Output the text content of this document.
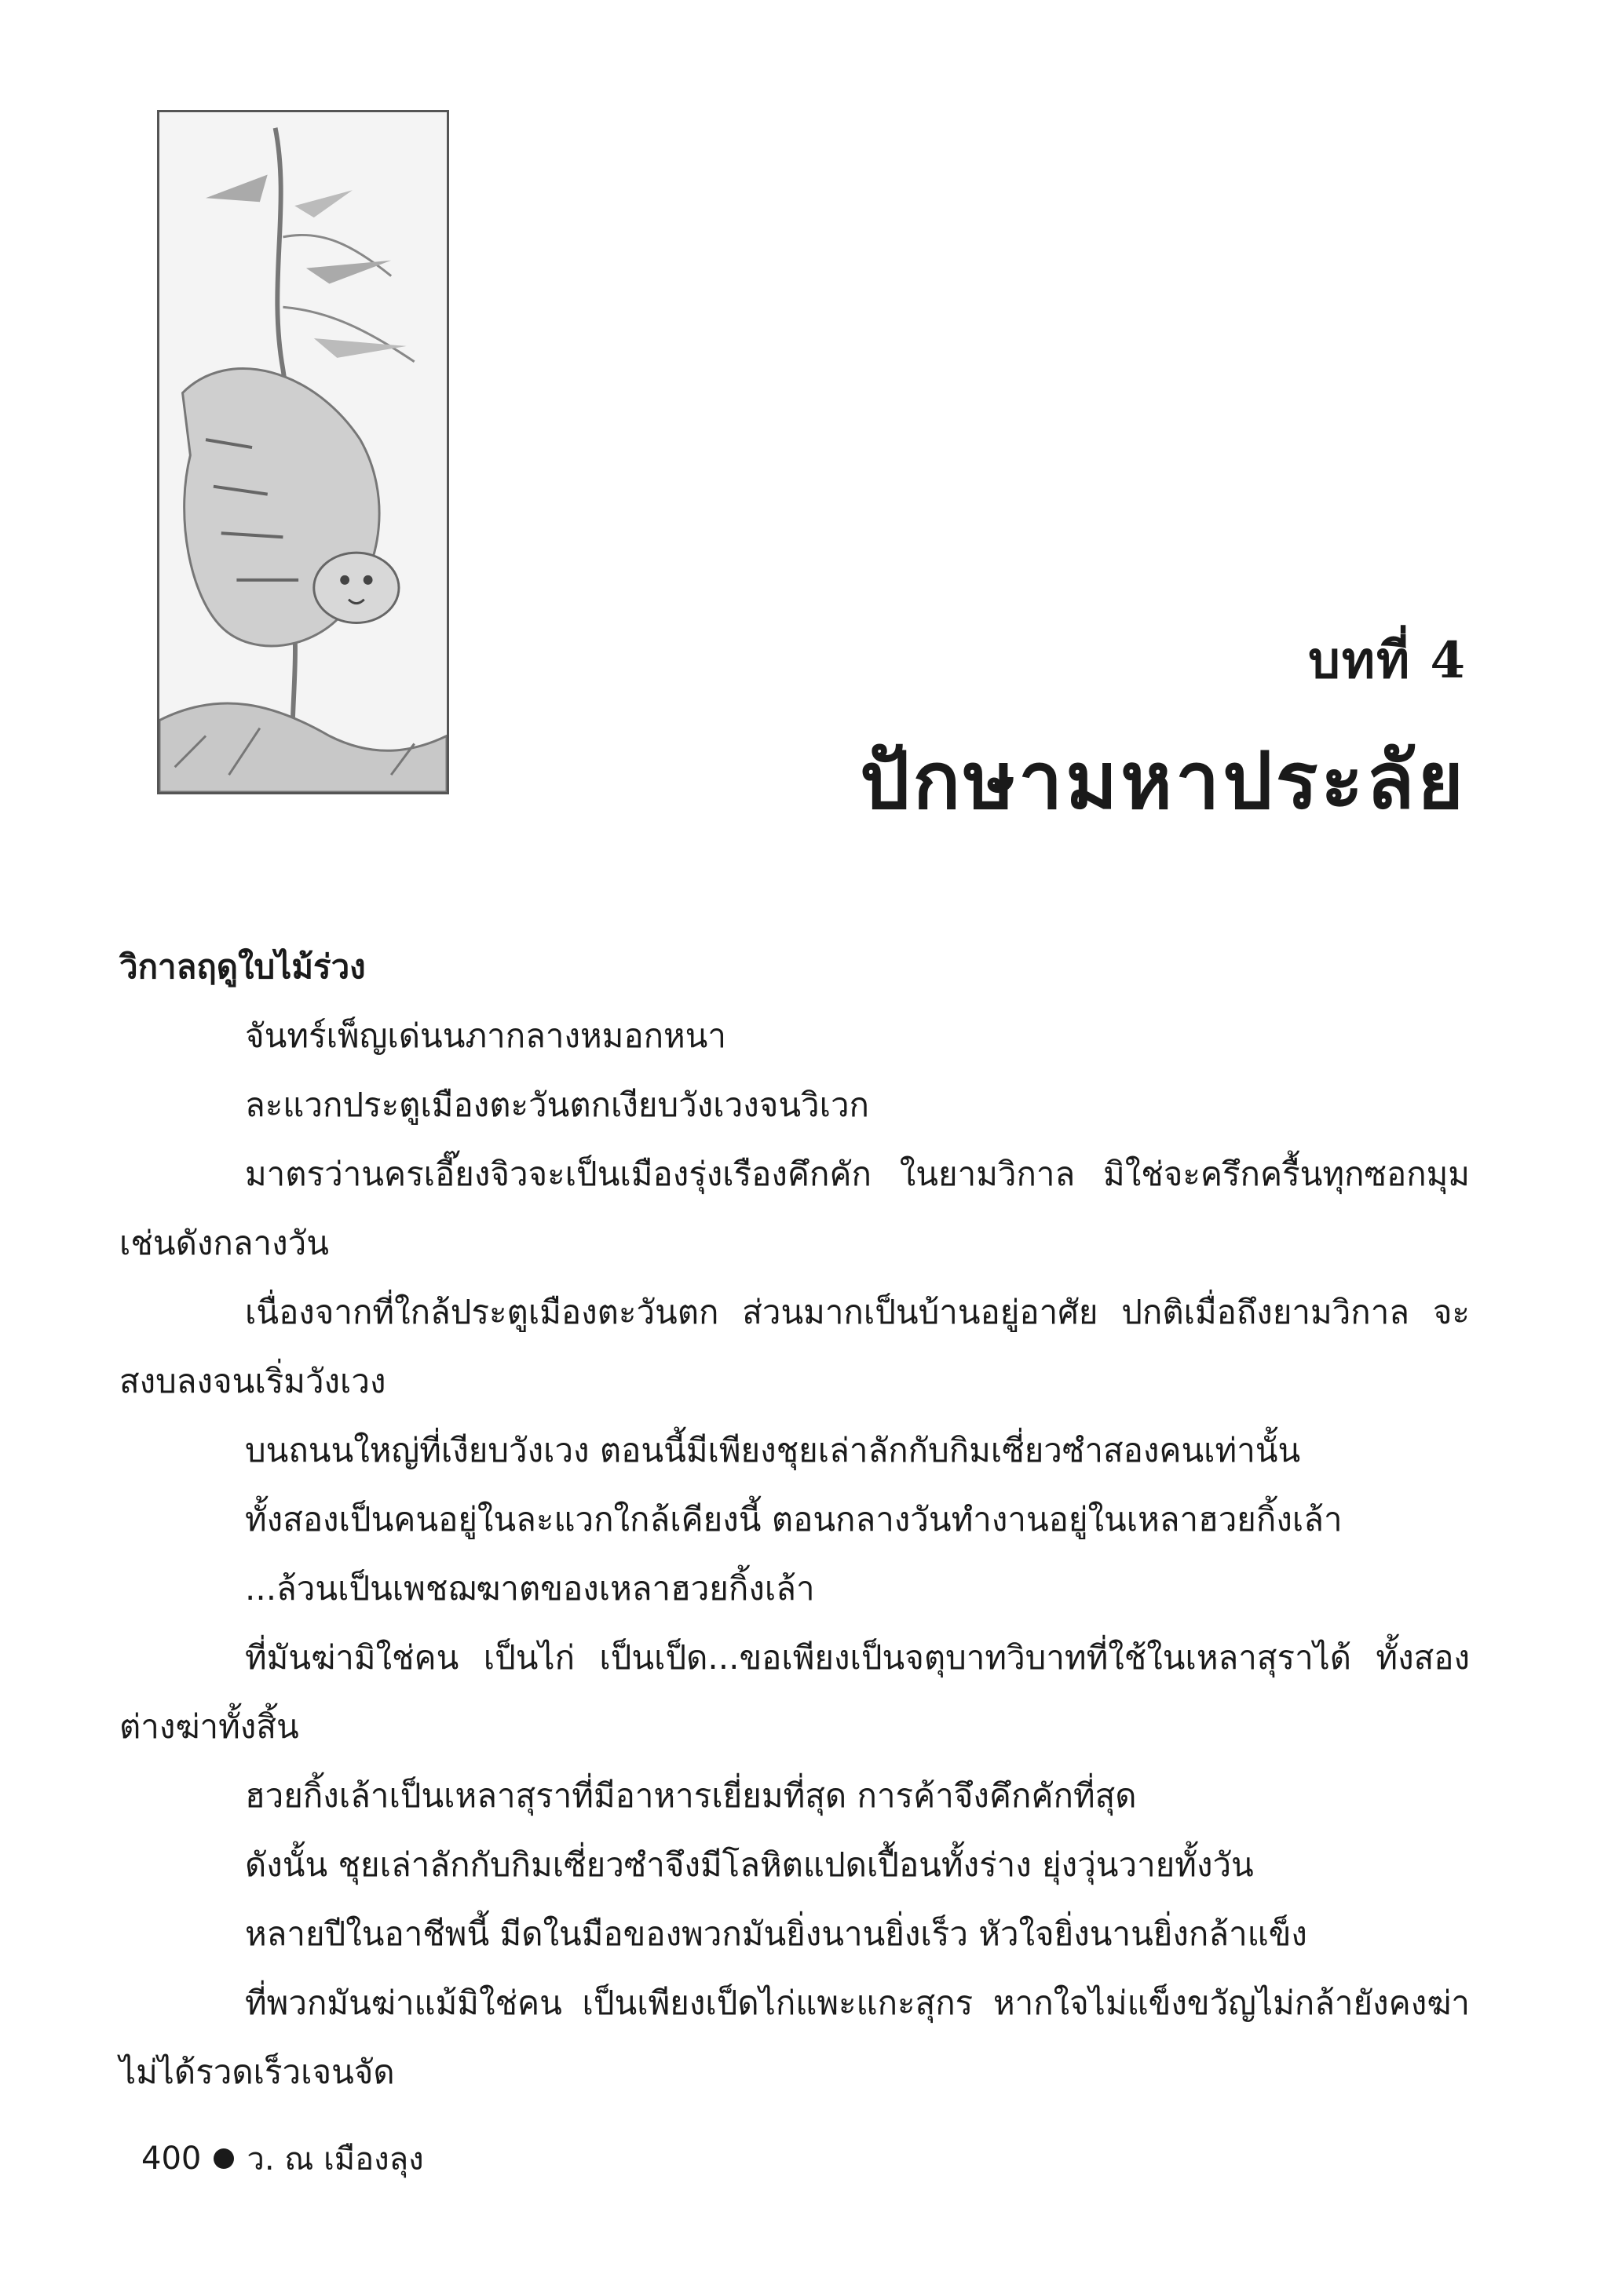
บทที่ 4
ปักษามหาประลัย

วิกาลฤดูใบไม้ร่วง

จันทร์เพ็ญเด่นนภากลางหมอกหนา

ละแวกประตูเมืองตะวันตกเงียบวังเวงจนวิเวก

มาตรว่านครเอี๊ยงจิวจะเป็นเมืองรุ่งเรืองคึกคัก ในยามวิกาล มิใช่จะครึกครื้นทุกซอกมุมเช่นดังกลางวัน

เนื่องจากที่ใกล้ประตูเมืองตะวันตก ส่วนมากเป็นบ้านอยู่อาศัย ปกติเมื่อถึงยามวิกาล จะสงบลงจนเริ่มวังเวง

บนถนนใหญ่ที่เงียบวังเวง ตอนนี้มีเพียงชุยเล่าลักกับกิมเซี่ยวซำสองคนเท่านั้น

ทั้งสองเป็นคนอยู่ในละแวกใกล้เคียงนี้ ตอนกลางวันทำงานอยู่ในเหลาฮวยกิ้งเล้า

...ล้วนเป็นเพชฌฆาตของเหลาฮวยกิ้งเล้า

ที่มันฆ่ามิใช่คน เป็นไก่ เป็นเป็ด...ขอเพียงเป็นจตุบาทวิบาทที่ใช้ในเหลาสุราได้ ทั้งสองต่างฆ่าทั้งสิ้น

ฮวยกิ้งเล้าเป็นเหลาสุราที่มีอาหารเยี่ยมที่สุด การค้าจึงคึกคักที่สุด

ดังนั้น ชุยเล่าลักกับกิมเซี่ยวซำจึงมีโลหิตแปดเปื้อนทั้งร่าง ยุ่งวุ่นวายทั้งวัน

หลายปีในอาชีพนี้ มีดในมือของพวกมันยิ่งนานยิ่งเร็ว หัวใจยิ่งนานยิ่งกล้าแข็ง

ที่พวกมันฆ่าแม้มิใช่คน เป็นเพียงเป็ดไก่แพะแกะสุกร หากใจไม่แข็งขวัญไม่กล้ายังคงฆ่าไม่ได้รวดเร็วเจนจัด

400 ว. ณ เมืองลุง
